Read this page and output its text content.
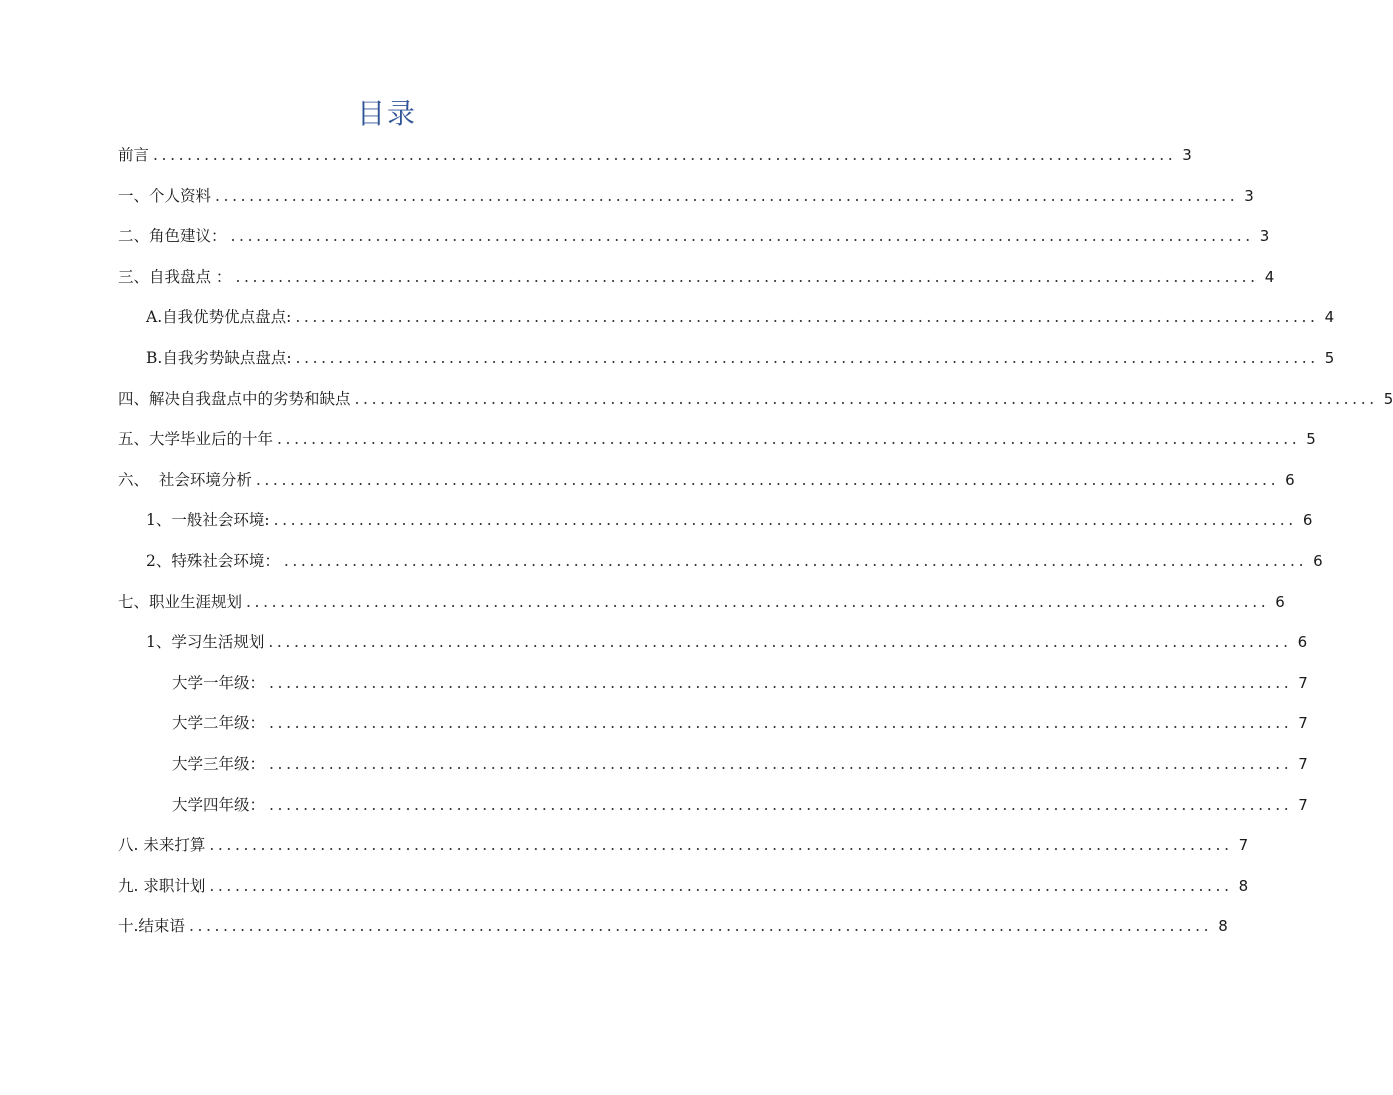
目录
前言 ........................................................................................................................ 3
一、个人资料 ........................................................................................................................ 3
二、角色建议： ........................................................................................................................ 3
三、自我盘点 ： ........................................................................................................................ 4
A.自我优势优点盘点: ........................................................................................................................ 4
B.自我劣势缺点盘点: ........................................................................................................................ 5
四、解决自我盘点中的劣势和缺点 ........................................................................................................................ 5
五、大学毕业后的十年 ........................................................................................................................ 5
六、  社会环境分析 ........................................................................................................................ 6
1、一般社会环境: ........................................................................................................................ 6
2、特殊社会环境： ........................................................................................................................ 6
七、职业生涯规划 ........................................................................................................................ 6
1、学习生活规划 ........................................................................................................................ 6
大学一年级： ........................................................................................................................ 7
大学二年级： ........................................................................................................................ 7
大学三年级： ........................................................................................................................ 7
大学四年级： ........................................................................................................................ 7
八. 未来打算 ........................................................................................................................ 7
九. 求职计划 ........................................................................................................................ 8
十.结束语 ........................................................................................................................ 8
